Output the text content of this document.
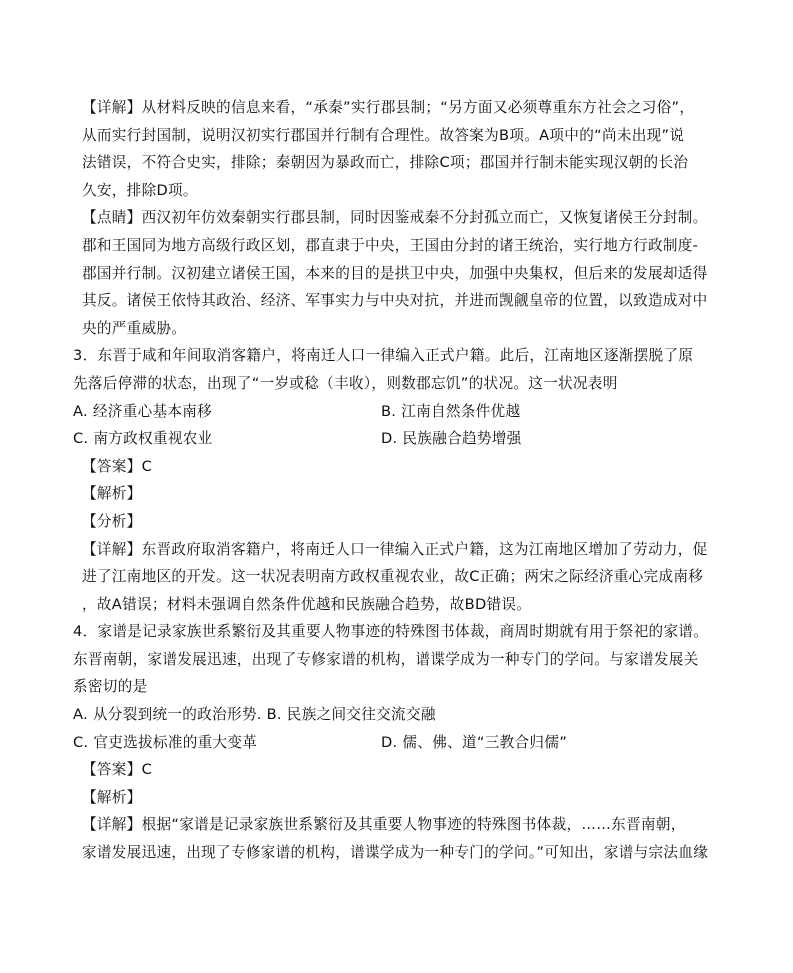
【详解】从材料反映的信息来看，“承秦”实行郡县制；“另方面又必须尊重东方社会之习俗”，
从而实行封国制，说明汉初实行郡国并行制有合理性。故答案为B项。A项中的“尚未出现”说
法错误，不符合史实，排除；秦朝因为暴政而亡，排除C项；郡国并行制未能实现汉朝的长治
久安，排除D项。
【点睛】西汉初年仿效秦朝实行郡县制，同时因鉴戒秦不分封孤立而亡，又恢复诸侯王分封制。
郡和王国同为地方高级行政区划，郡直隶于中央，王国由分封的诸王统治，实行地方行政制度-
郡国并行制。汉初建立诸侯王国，本来的目的是拱卫中央，加强中央集权，但后来的发展却适得
其反。诸侯王依恃其政治、经济、军事实力与中央对抗，并进而觊觎皇帝的位置，以致造成对中
央的严重威胁。
3．东晋于咸和年间取消客籍户，将南迁人口一律编入正式户籍。此后，江南地区逐渐摆脱了原
先落后停滞的状态，出现了“一岁或稔（丰收），则数郡忘饥”的状况。这一状况表明
A. 经济重心基本南移	B. 江南自然条件优越
C. 南方政权重视农业	D. 民族融合趋势增强
【答案】C
【解析】
【分析】
【详解】东晋政府取消客籍户，将南迁人口一律编入正式户籍，这为江南地区增加了劳动力，促
进了江南地区的开发。这一状况表明南方政权重视农业，故C正确；两宋之际经济重心完成南移
，故A错误；材料未强调自然条件优越和民族融合趋势，故BD错误。
4．家谱是记录家族世系繁衍及其重要人物事迹的特殊图书体裁，商周时期就有用于祭祀的家谱。
东晋南朝，家谱发展迅速，出现了专修家谱的机构，谱谍学成为一种专门的学问。与家谱发展关
系密切的是
A. 从分裂到统一的政治形势. B. 民族之间交往交流交融
C. 官吏选拔标准的重大变革	D. 儒、佛、道“三教合归儒”
【答案】C
【解析】
【详解】根据“家谱是记录家族世系繁衍及其重要人物事迹的特殊图书体裁，……东晋南朝，
家谱发展迅速，出现了专修家谱的机构，谱谍学成为一种专门的学问。”可知出，家谱与宗法血缘
